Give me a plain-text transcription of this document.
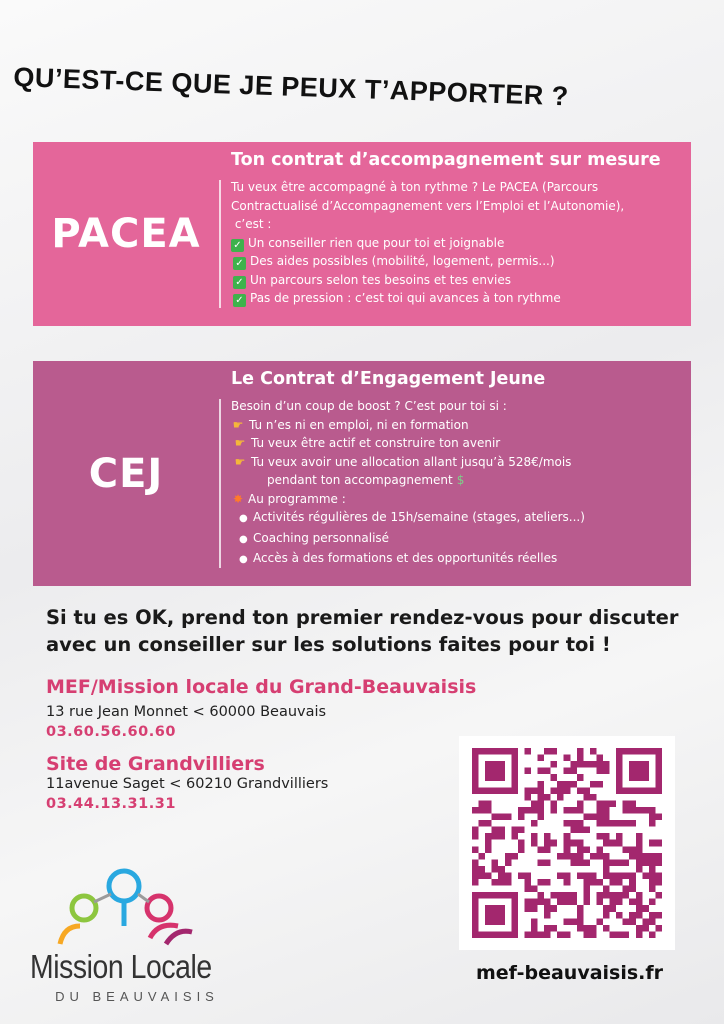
QU’EST-CE QUE JE PEUX T’APPORTER ?
PACEA
Ton contrat d’accompagnement sur mesure
Tu veux être accompagné à ton rythme ? Le PACEA (Parcours
Contractualisé d’Accompagnement vers l’Emploi et l’Autonomie),
c’est :
✓ Un conseiller rien que pour toi et joignable
✓ Des aides possibles (mobilité, logement, permis...)
✓ Un parcours selon tes besoins et tes envies
✓ Pas de pression : c’est toi qui avances à ton rythme
CEJ
Le Contrat d’Engagement Jeune
Besoin d’un coup de boost ? C’est pour toi si :
☛ Tu n’es ni en emploi, ni en formation
☛ Tu veux être actif et construire ton avenir
☛ Tu veux avoir une allocation allant jusqu’à 528€/mois
pendant ton accompagnement $
✸ Au programme :
● Activités régulières de 15h/semaine (stages, ateliers...)
● Coaching personnalisé
● Accès à des formations et des opportunités réelles
Si tu es OK, prend ton premier rendez-vous pour discuter
avec un conseiller sur les solutions faites pour toi !
MEF/Mission locale du Grand-Beauvaisis
13 rue Jean Monnet < 60000 Beauvais
03.60.56.60.60
Site de Grandvilliers
11avenue Saget < 60210 Grandvilliers
03.44.13.31.31
mef-beauvaisis.fr
Mission Locale
DU BEAUVAISIS
